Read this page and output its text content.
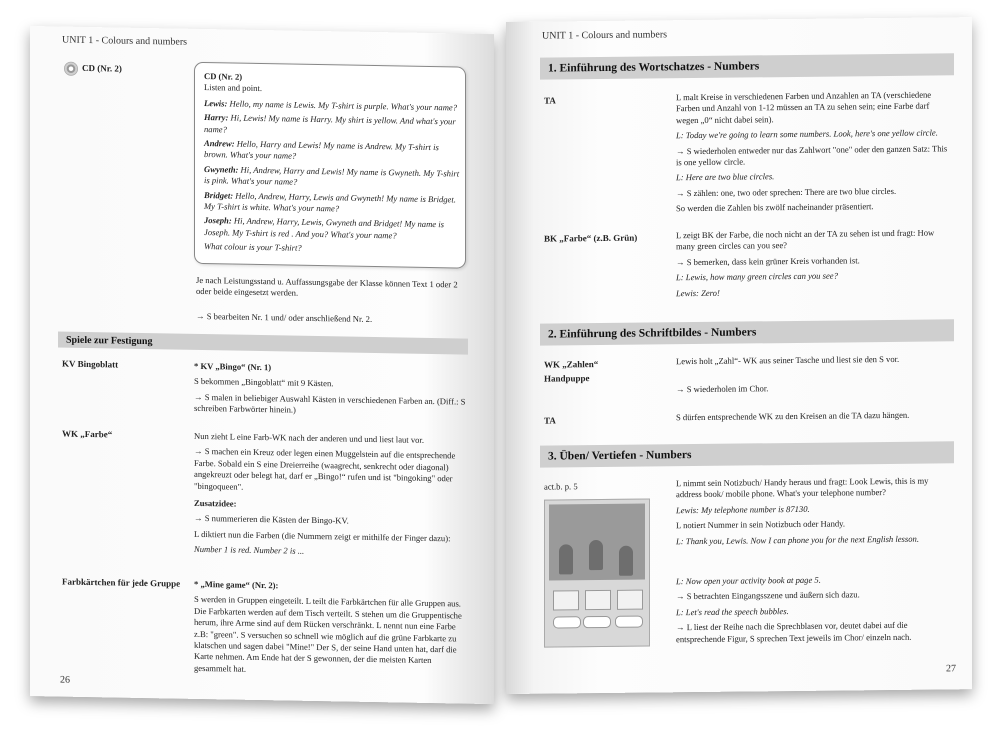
UNIT 1 - Colours and numbers
CD (Nr. 2)
CD (Nr. 2)
Listen and point.
Lewis: Hello, my name is Lewis. My T-shirt is purple. What's your name?
Harry: Hi, Lewis! My name is Harry. My shirt is yellow. And what's your name?
Andrew: Hello, Harry and Lewis! My name is Andrew. My T-shirt is brown. What's your name?
Gwyneth: Hi, Andrew, Harry and Lewis! My name is Gwyneth. My T-shirt is pink. What's your name?
Bridget: Hello, Andrew, Harry, Lewis and Gwyneth! My name is Bridget. My T-shirt is white. What's your name?
Joseph: Hi, Andrew, Harry, Lewis, Gwyneth and Bridget! My name is Joseph. My T-shirt is red . And you? What's your name?
What colour is your T-shirt?
Je nach Leistungsstand u. Auffassungsgabe der Klasse können Text 1 oder 2 oder beide eingesetzt werden.
→ S bearbeiten Nr. 1 und/ oder anschließend Nr. 2.
Spiele zur Festigung
KV Bingoblatt	* KV „Bingo“ (Nr. 1)

S bekommen „Bingoblatt“ mit 9 Kästen.

→ S malen in beliebiger Auswahl Kästen in verschiedenen Farben an. (Diff.: S schreiben Farbwörter hinein.)

WK „Farbe“	Nun zieht L eine Farb-WK nach der anderen und und liest laut vor.

→ S machen ein Kreuz oder legen einen Muggelstein auf die entsprechende Farbe. Sobald ein S eine Dreierreihe (waagrecht, senkrecht oder diagonal) angekreuzt oder belegt hat, darf er „Bingo!“ rufen und ist "bingoking" oder "bingoqueen".

Zusatzidee:

→ S nummerieren die Kästen der Bingo-KV.

L diktiert nun die Farben (die Nummern zeigt er mithilfe der Finger dazu):

Number 1 is red. Number 2 is ...

Farbkärtchen für jede Gruppe	* „Mine game“ (Nr. 2):

S werden in Gruppen eingeteilt. L teilt die Farbkärtchen für alle Gruppen aus. Die Farbkarten werden auf dem Tisch verteilt. S stehen um die Gruppentische herum, ihre Arme sind auf dem Rücken verschränkt. L nennt nun eine Farbe z.B: "green". S versuchen so schnell wie möglich auf die grüne Farbkarte zu klatschen und sagen dabei "Mine!" Der S, der seine Hand unten hat, darf die Karte nehmen. Am Ende hat der S gewonnen, der die meisten Karten gesammelt hat.

26
UNIT 1 - Colours and numbers
1. Einführung des Wortschatzes - Numbers
TA	L malt Kreise in verschiedenen Farben und Anzahlen an TA (verschiedene Farben und Anzahl von 1-12 müssen an TA zu sehen sein; eine Farbe darf wegen „0“ nicht dabei sein).

L: Today we're going to learn some numbers. Look, here's one yellow circle.

→ S wiederholen entweder nur das Zahlwort "one" oder den ganzen Satz: This is one yellow circle.

L: Here are two blue circles.

→ S zählen: one, two oder sprechen: There are two blue circles.

So werden die Zahlen bis zwölf nacheinander präsentiert.

BK „Farbe“ (z.B. Grün)	L zeigt BK der Farbe, die noch nicht an der TA zu sehen ist und fragt: How many green circles can you see?

→ S bemerken, dass kein grüner Kreis vorhanden ist.

L: Lewis, how many green circles can you see?

Lewis: Zero!

2. Einführung des Schriftbildes - Numbers
WK „Zahlen“
Handpuppe
Lewis holt „Zahl“- WK aus seiner Tasche und liest sie den S vor.
→ S wiederholen im Chor.
TA	S dürfen entsprechende WK zu den Kreisen an die TA dazu hängen.
3. Üben/ Vertiefen - Numbers
act.b. p. 5	L nimmt sein Notizbuch/ Handy heraus und fragt: Look Lewis, this is my address book/ mobile phone. What's your telephone number?

Lewis: My telephone number is 87130.

L notiert Nummer in sein Notizbuch oder Handy.

L: Thank you, Lewis. Now I can phone you for the next English lesson.

L: Now open your activity book at page 5.

→ S betrachten Eingangsszene und äußern sich dazu.

L: Let's read the speech bubbles.

→ L liest der Reihe nach die Sprechblasen vor, deutet dabei auf die entsprechende Figur, S sprechen Text jeweils im Chor/ einzeln nach.

27
